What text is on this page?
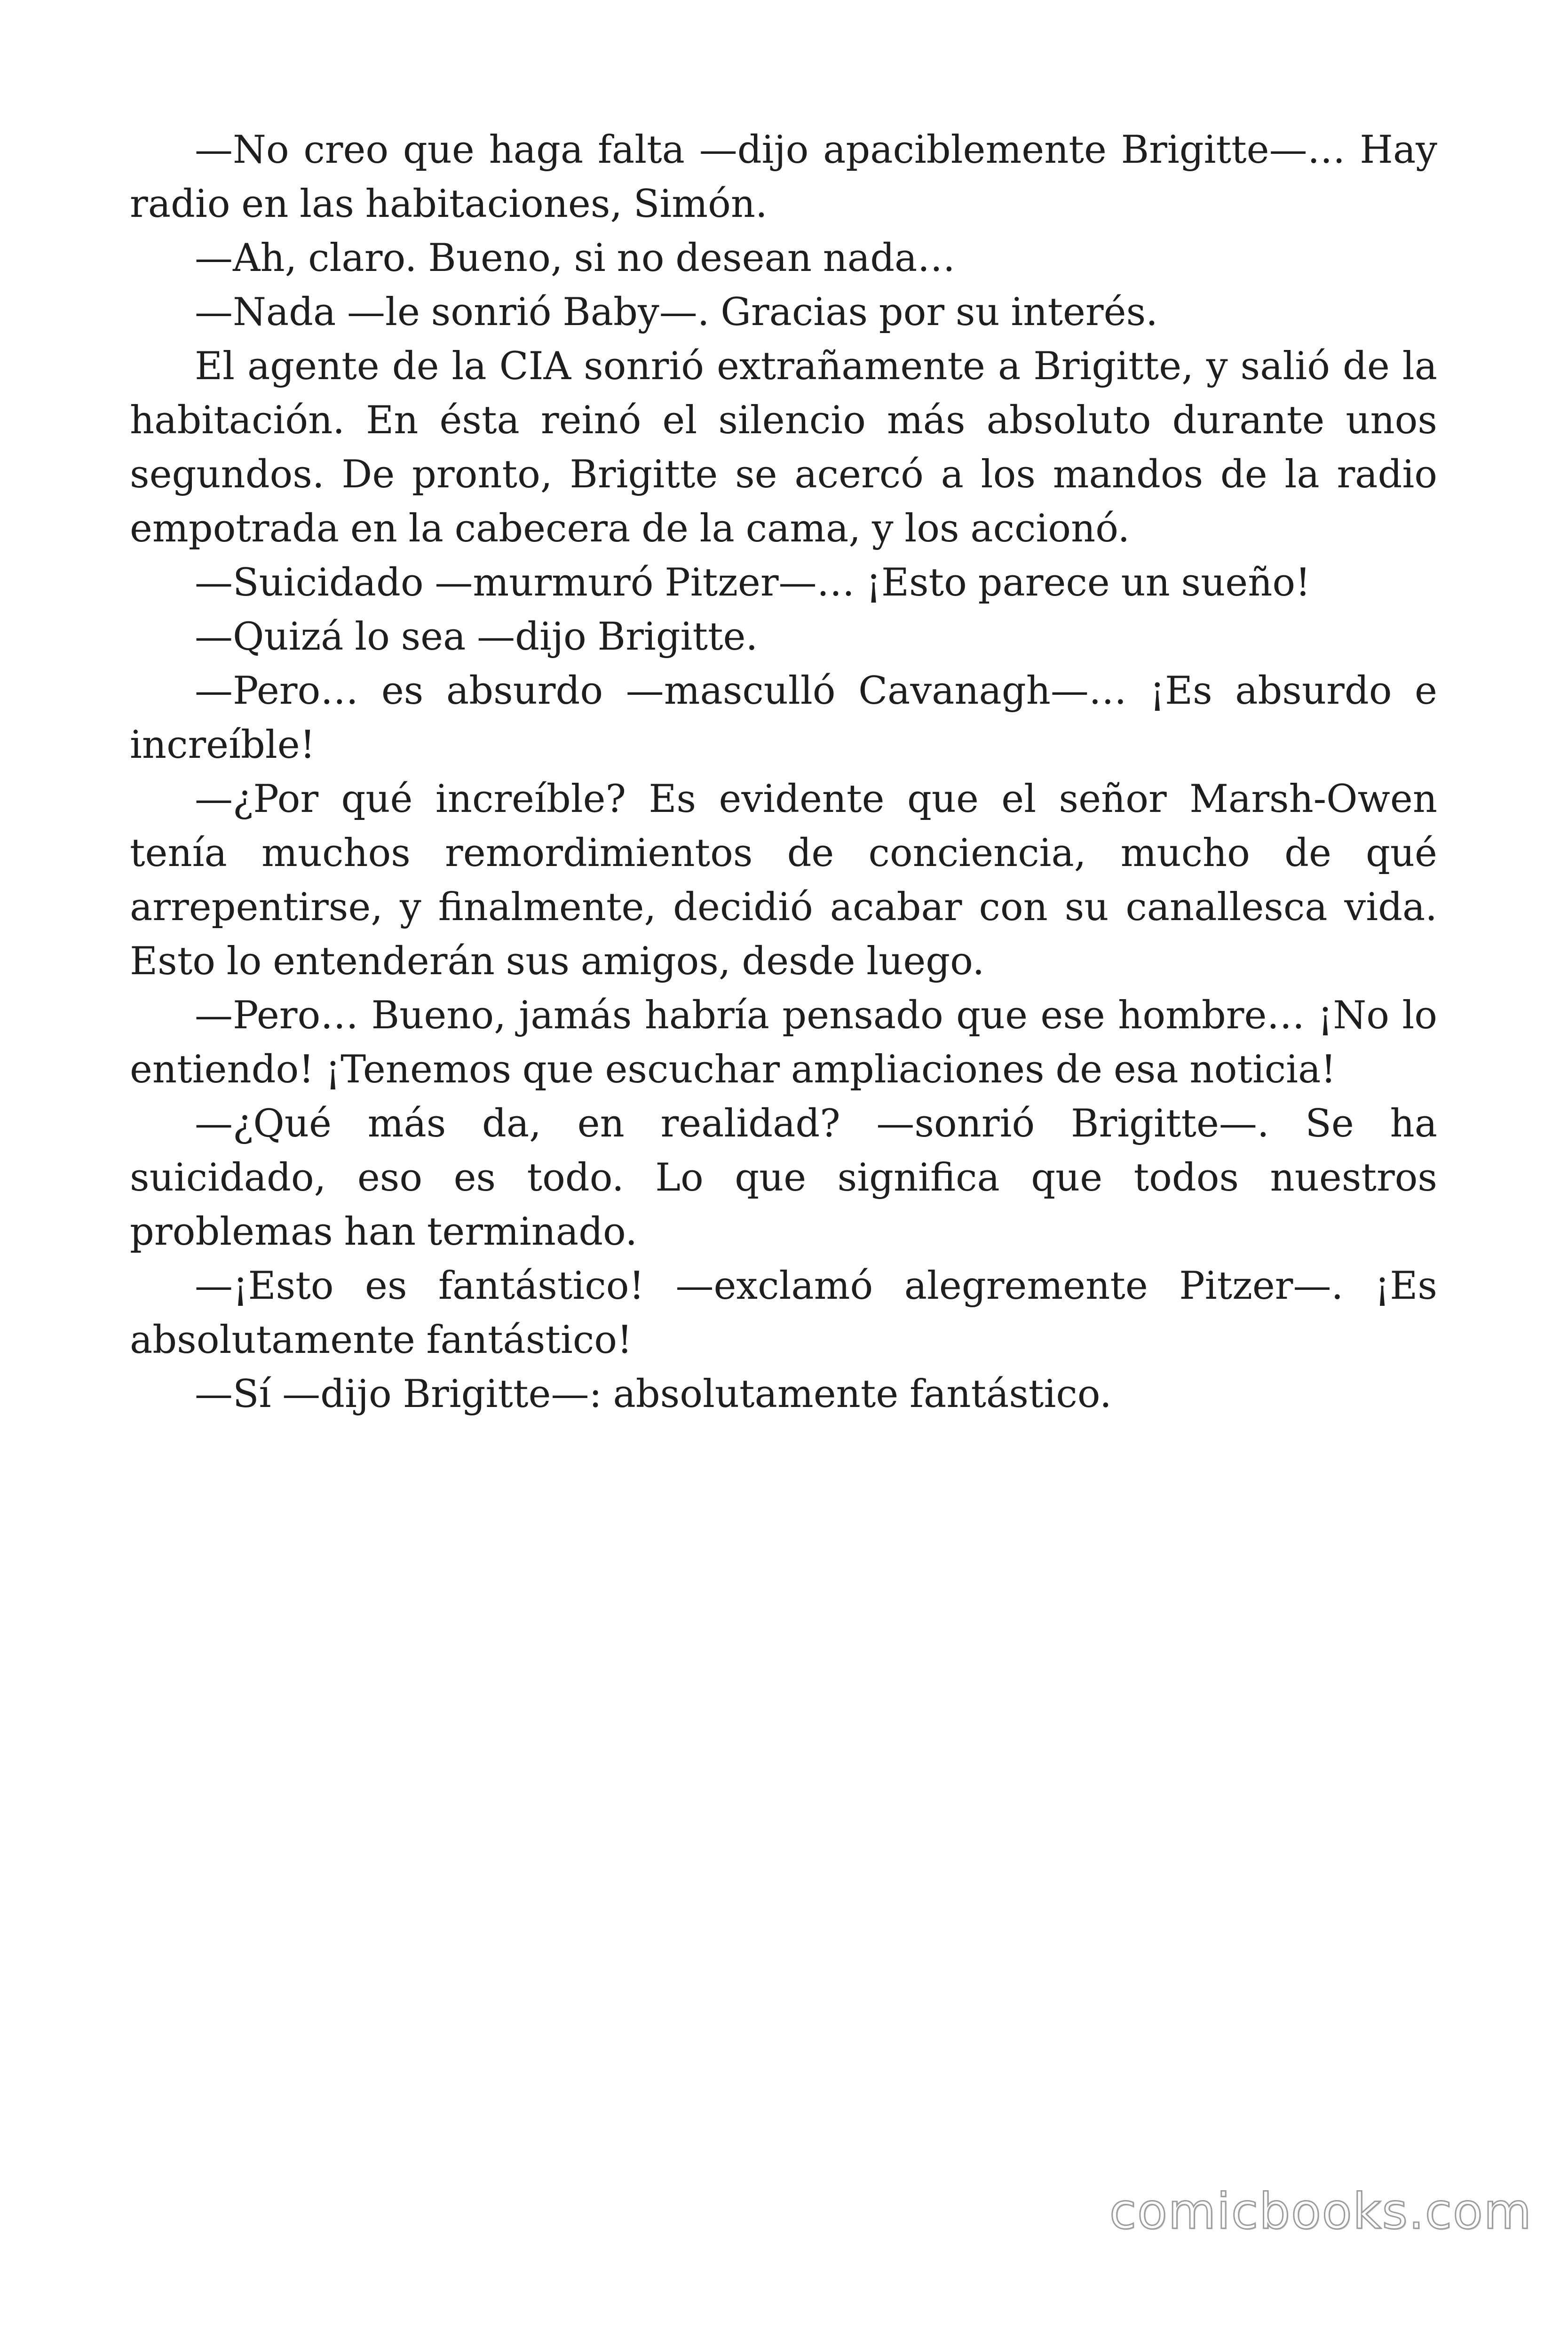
—No creo que haga falta —dijo apaciblemente Brigitte—… Hay radio en las habitaciones, Simón.

—Ah, claro. Bueno, si no desean nada…

—Nada —le sonrió Baby—. Gracias por su interés.

El agente de la CIA sonrió extrañamente a Brigitte, y salió de la habitación. En ésta reinó el silencio más absoluto durante unos segundos. De pronto, Brigitte se acercó a los mandos de la radio empotrada en la cabecera de la cama, y los accionó.

—Suicidado —murmuró Pitzer—… ¡Esto parece un sueño!

—Quizá lo sea —dijo Brigitte.

—Pero… es absurdo —masculló Cavanagh—… ¡Es absurdo e increíble!

—¿Por qué increíble? Es evidente que el señor Marsh-Owen tenía muchos remordimientos de conciencia, mucho de qué arrepentirse, y finalmente, decidió acabar con su canallesca vida. Esto lo entenderán sus amigos, desde luego.

—Pero… Bueno, jamás habría pensado que ese hombre… ¡No lo entiendo! ¡Tenemos que escuchar ampliaciones de esa noticia!

—¿Qué más da, en realidad? —sonrió Brigitte—. Se ha suicidado, eso es todo. Lo que significa que todos nuestros problemas han terminado.

—¡Esto es fantástico! —exclamó alegremente Pitzer—. ¡Es absolutamente fantástico!

—Sí —dijo Brigitte—: absolutamente fantástico.

comicbooks.com
